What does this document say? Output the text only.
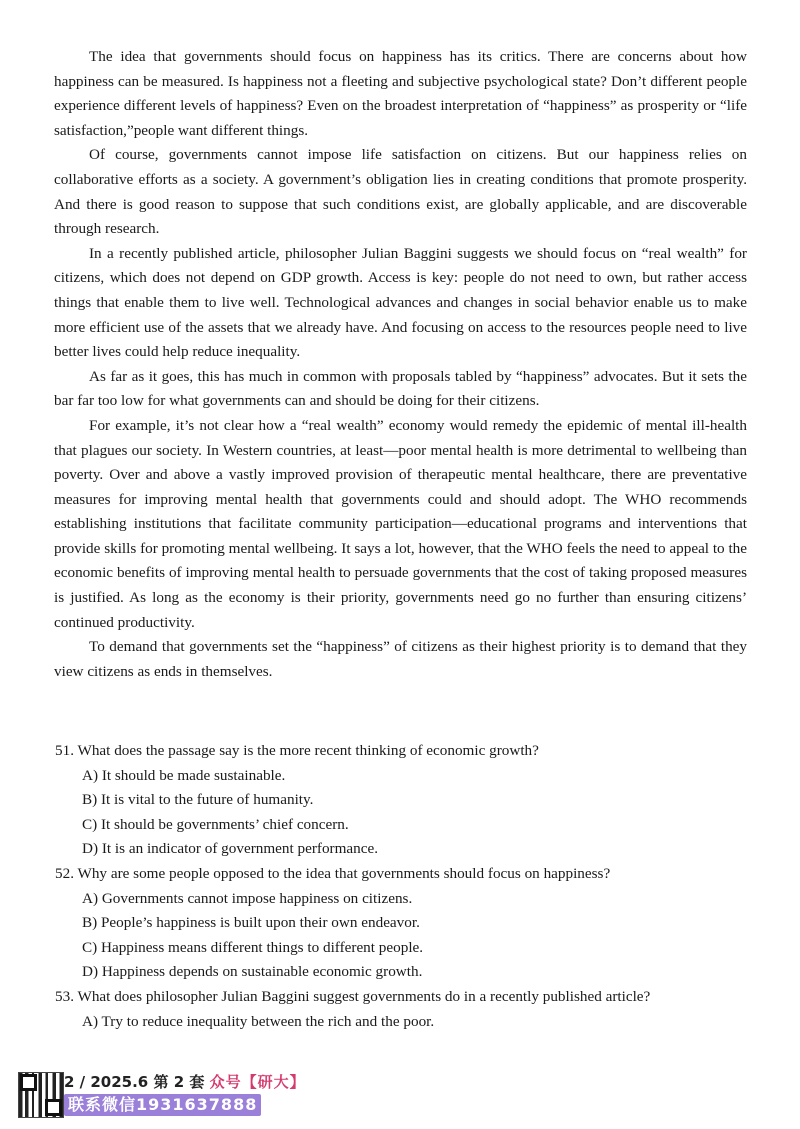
The idea that governments should focus on happiness has its critics. There are concerns about how happiness can be measured. Is happiness not a fleeting and subjective psychological state? Don’t different people experience different levels of happiness? Even on the broadest interpretation of “happiness” as prosperity or “life satisfaction,”people want different things.

Of course, governments cannot impose life satisfaction on citizens. But our happiness relies on collaborative efforts as a society. A government’s obligation lies in creating conditions that promote prosperity. And there is good reason to suppose that such conditions exist, are globally applicable, and are discoverable through research.

In a recently published article, philosopher Julian Baggini suggests we should focus on “real wealth” for citizens, which does not depend on GDP growth. Access is key: people do not need to own, but rather access things that enable them to live well. Technological advances and changes in social behavior enable us to make more efficient use of the assets that we already have. And focusing on access to the resources people need to live better lives could help reduce inequality.

As far as it goes, this has much in common with proposals tabled by “happiness” advocates. But it sets the bar far too low for what governments can and should be doing for their citizens.

For example, it’s not clear how a “real wealth” economy would remedy the epidemic of mental ill-health that plagues our society. In Western countries, at least—poor mental health is more detrimental to wellbeing than poverty. Over and above a vastly improved provision of therapeutic mental healthcare, there are preventative measures for improving mental health that governments could and should adopt. The WHO recommends establishing institutions that facilitate community participation—educational programs and interventions that provide skills for promoting mental wellbeing. It says a lot, however, that the WHO feels the need to appeal to the economic benefits of improving mental health to persuade governments that the cost of taking proposed measures is justified. As long as the economy is their priority, governments need go no further than ensuring citizens’ continued productivity.

To demand that governments set the “happiness” of citizens as their highest priority is to demand that they view citizens as ends in themselves.

51. What does the passage say is the more recent thinking of economic growth?

A) It should be made sustainable.
B) It is vital to the future of humanity.
C) It should be governments’ chief concern.
D) It is an indicator of government performance.

52. Why are some people opposed to the idea that governments should focus on happiness?

A) Governments cannot impose happiness on citizens.
B) People’s happiness is built upon their own endeavor.
C) Happiness means different things to different people.
D) Happiness depends on sustainable economic growth.

53. What does philosopher Julian Baggini suggest governments do in a recently published article?

A) Try to reduce inequality between the rich and the poor.
2 / 2025.6 第 2 套 众号【研大】
联系微信1931637888
